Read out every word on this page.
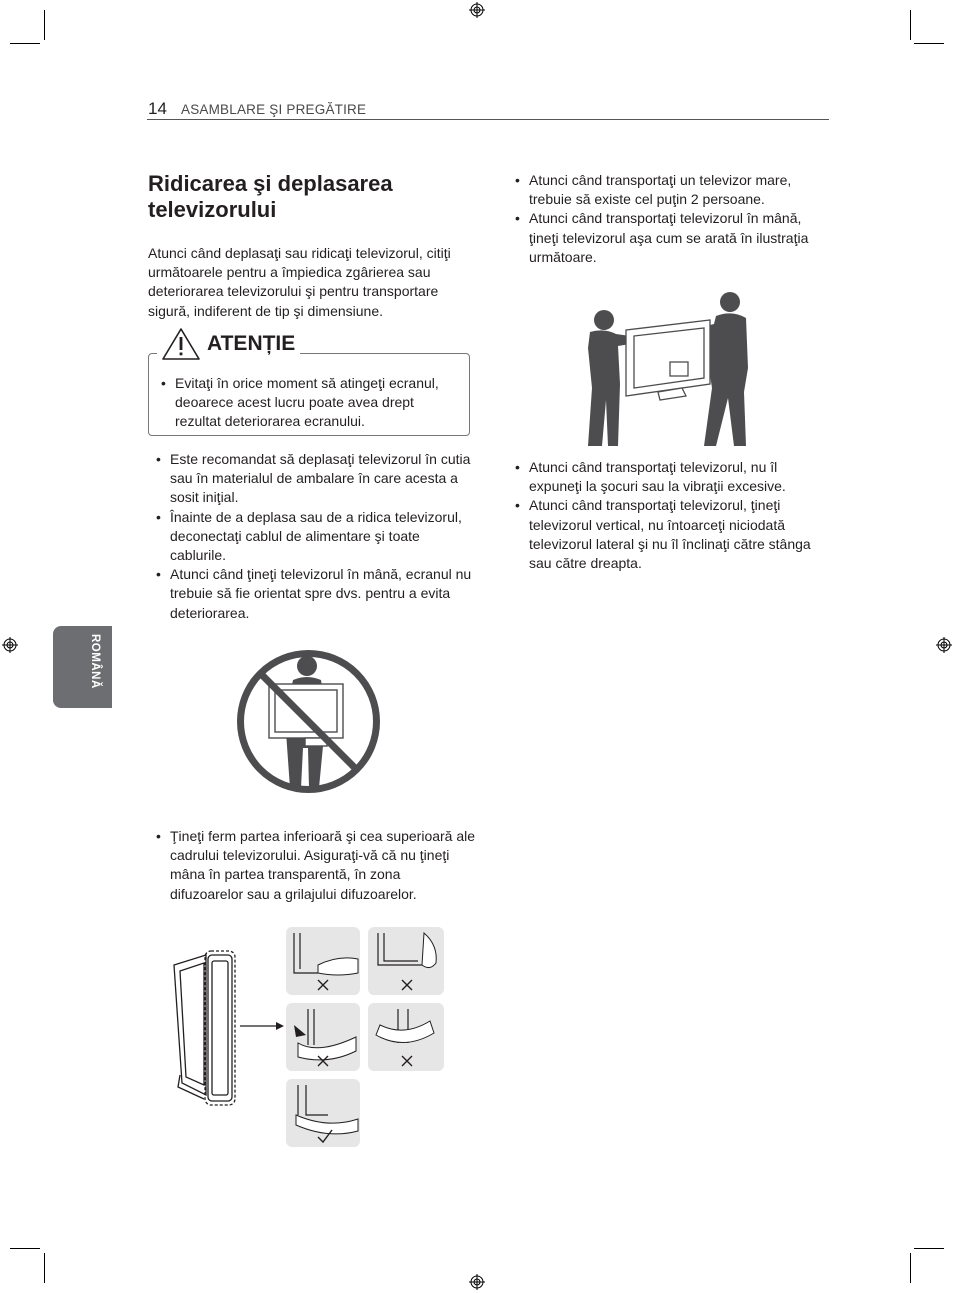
14 ASAMBLARE ŞI PREGĂTIRE
ROMÂNĂ
Ridicarea şi deplasarea televizorului
Atunci când deplasaţi sau ridicaţi televizorul, citiţi următoarele pentru a împiedica zgârierea sau deteriorarea televizorului şi pentru transportare sigură, indiferent de tip şi dimensiune.
ATENȚIE
• Evitaţi în orice moment să atingeţi ecranul, deoarece acest lucru poate avea drept rezultat deteriorarea ecranului.
• Este recomandat să deplasaţi televizorul în cutia sau în materialul de ambalare în care acesta a sosit iniţial.
• Înainte de a deplasa sau de a ridica televizorul, deconectaţi cablul de alimentare şi toate cablurile.
• Atunci când ţineţi televizorul în mână, ecranul nu trebuie să fie orientat spre dvs. pentru a evita deteriorarea.
• Ţineţi ferm partea inferioară şi cea superioară ale cadrului televizorului. Asiguraţi-vă că nu ţineţi mâna în partea transparentă, în zona difuzoarelor sau a grilajului difuzoarelor.
• Atunci când transportaţi un televizor mare, trebuie să existe cel puţin 2 persoane.
• Atunci când transportaţi televizorul în mână, ţineţi televizorul aşa cum se arată în ilustraţia următoare.
• Atunci când transportaţi televizorul, nu îl expuneţi la şocuri sau la vibraţii excesive.
• Atunci când transportaţi televizorul, ţineţi televizorul vertical, nu întoarceţi niciodată televizorul lateral şi nu îl înclinaţi către stânga sau către dreapta.
